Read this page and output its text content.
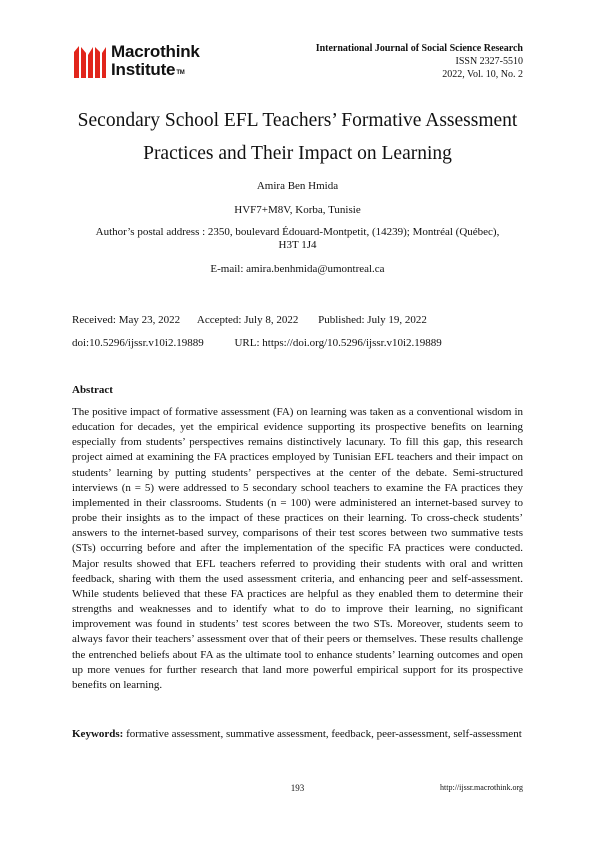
Macrothink
Institute™
International Journal of Social Science Research
ISSN 2327-5510
2022, Vol. 10, No. 2
Secondary School EFL Teachers’ Formative Assessment
Practices and Their Impact on Learning

Amira Ben Hmida

HVF7+M8V, Korba, Tunisie

Author’s postal address : 2350, boulevard Édouard-Montpetit, (14239); Montréal (Québec),

H3T 1J4

E-mail: amira.benhmida@umontreal.ca

Received: May 23, 2022 Accepted: July 8, 2022 Published: July 19, 2022
doi:10.5296/ijssr.v10i2.19889	URL: https://doi.org/10.5296/ijssr.v10i2.19889
Abstract

The positive impact of formative assessment (FA) on learning was taken as a conventional wisdom in education for decades, yet the empirical evidence supporting its prospective benefits on learning especially from students’ perspectives remains distinctively lacunary. To fill this gap, this research project aimed at examining the FA practices employed by Tunisian EFL teachers and their impact on students’ learning by putting students’ perspectives at the center of the debate. Semi-structured interviews (n = 5) were addressed to 5 secondary school teachers to examine the FA practices they implemented in their classrooms. Students (n = 100) were administered an internet-based survey to probe their insights as to the impact of these practices on their learning. To cross-check students’ answers to the internet-based survey, comparisons of their test scores between two summative tests (STs) occurring before and after the implementation of the specific FA practices were conducted. Major results showed that EFL teachers referred to providing their students with oral and written feedback, sharing with them the used assessment criteria, and enhancing peer and self-assessment. While students believed that these FA practices are helpful as they enabled them to determine their strengths and weaknesses and to identify what to do to improve their learning, no significant improvement was found in students’ test scores between the two STs. Moreover, students seem to always favor their teachers’ assessment over that of their peers or themselves. These results challenge the entrenched beliefs about FA as the ultimate tool to enhance students’ learning outcomes and open up more venues for further research that land more powerful empirical support for its prospective benefits on learning.

Keywords: formative assessment, summative assessment, feedback, peer-assessment, self-assessment

193	http://ijssr.macrothink.org
